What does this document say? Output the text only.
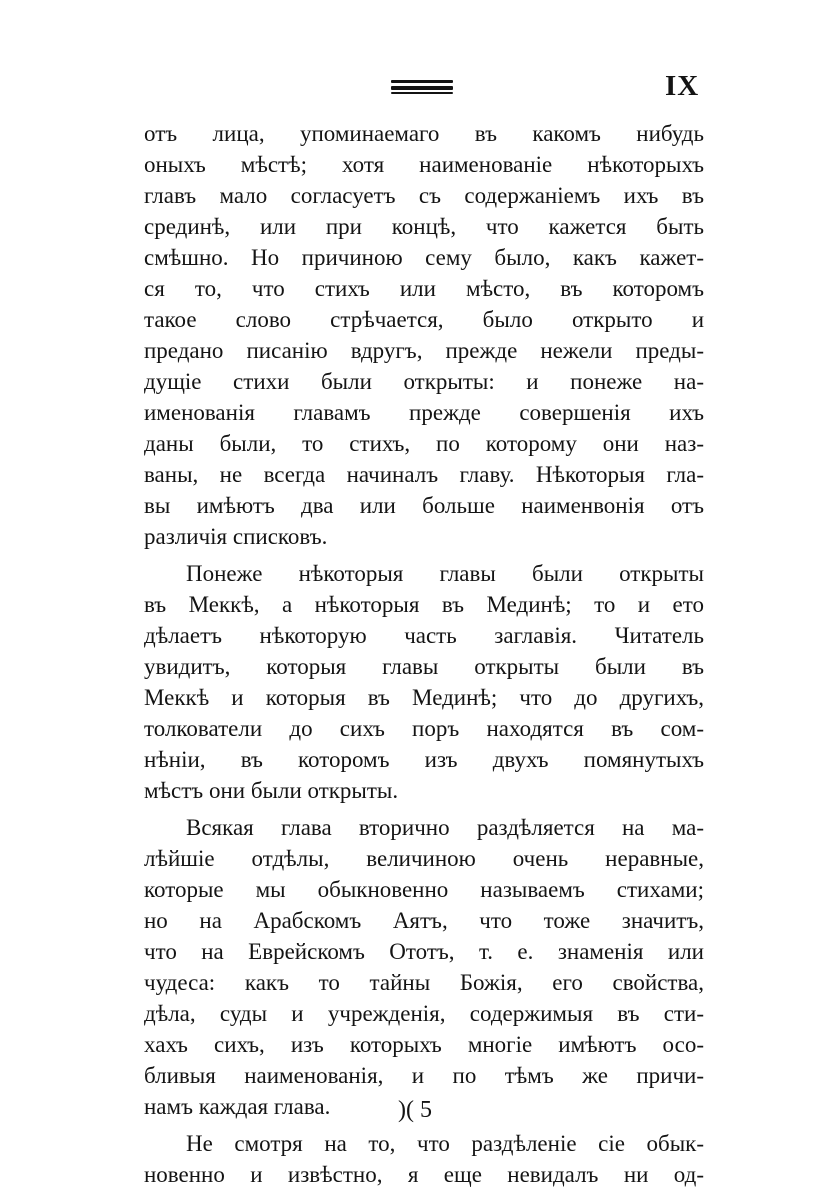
IX
отъ лица, упоминаемаго въ какомъ нибудь
оныхъ мѣстѣ; хотя наименованіе нѣкоторыхъ
главъ мало согласуетъ съ содержаніемъ ихъ въ
срединѣ, или при концѣ, что кажется быть
смѣшно. Но причиною сему было, какъ кажет-
ся то, что стихъ или мѣсто, въ которомъ
такое слово стрѣчается, было открыто и
предано писанію вдругъ, прежде нежели преды-
дущіе стихи были открыты: и понеже на-
именованія главамъ прежде совершенія ихъ
даны были, то стихъ, по которому они наз-
ваны, не всегда начиналъ главу. Нѣкоторыя гла-
вы имѣютъ два или больше наименвонія отъ
различія списковъ.
Понеже нѣкоторыя главы были открыты
въ Меккѣ, а нѣкоторыя въ Мединѣ; то и ето
дѣлаетъ нѣкоторую часть заглавія. Читатель
увидитъ, которыя главы открыты были въ
Меккѣ и которыя въ Мединѣ; что до другихъ,
толкователи до сихъ поръ находятся въ сом-
нѣніи, въ которомъ изъ двухъ помянутыхъ
мѣстъ они были открыты.
Всякая глава вторично раздѣляется на ма-
лѣйшіе отдѣлы, величиною очень неравные,
которые мы обыкновенно называемъ стихами;
но на Арабскомъ Аятъ, что тоже значитъ,
что на Еврейскомъ Ототъ, т. е. знаменія или
чудеса: какъ то тайны Божія, его свойства,
дѣла, суды и учрежденія, содержимыя въ сти-
хахъ сихъ, изъ которыхъ многіе имѣютъ осо-
бливыя наименованія, и по тѣмъ же причи-
намъ каждая глава.
Не смотря на то, что раздѣленіе сіе обык-
новенно и извѣстно, я еще невидалъ ни од-
)( 5
